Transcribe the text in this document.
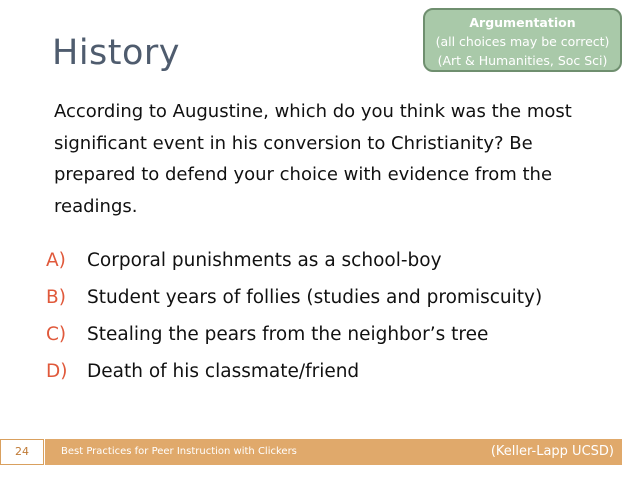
History
Argumentation
(all choices may be correct)
(Art & Humanities, Soc Sci)
According to Augustine, which do you think was the most significant event in his conversion to Christianity? Be prepared to defend your choice with evidence from the readings.
A)	Corporal punishments as a school-boy
B)	Student years of follies (studies and promiscuity)
C)	Stealing the pears from the neighbor’s tree
D)	Death of his classmate/friend
24	Best Practices for Peer Instruction with Clickers	(Keller-Lapp UCSD)
